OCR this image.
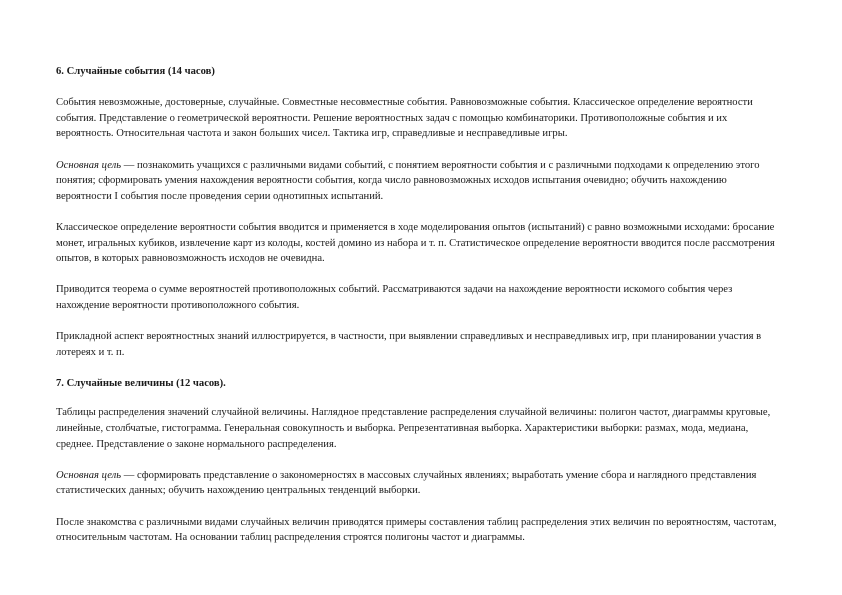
6. Случайные события (14 часов)
События невозможные, достоверные, случайные. Совместные несовместные события. Равновозможные события. Классическое определение вероятности события. Представление о геометрической вероятности. Решение вероятностных задач с помощью комбинаторики. Противоположные события и их вероятность. Относительная частота и закон больших чисел. Тактика игр, справедливые и несправедливые игры.
Основная цель — познакомить учащихся с различными видами событий, с понятием вероятности события и с различными подходами к определению этого понятия; сформировать умения нахождения вероятности события, когда число равновозможных исходов испытания очевидно; обучить нахождению вероятности I события после проведения серии однотипных испытаний.
Классическое определение вероятности события вводится и применяется в ходе моделирования опытов (испытаний) с равно возможными исходами: бросание монет, игральных кубиков, извлечение карт из колоды, костей домино из набора и т. п. Статистическое определение вероятности вводится после рассмотрения опытов, в которых равновозможность исходов не очевидна.
Приводится теорема о сумме вероятностей противоположных событий. Рассматриваются задачи на нахождение вероятности искомого события через нахождение вероятности противоположного события.
Прикладной аспект вероятностных знаний иллюстрируется, в частности, при выявлении справедливых и несправедливых игр, при планировании участия в лотереях и т. п.
7. Случайные величины (12 часов).
Таблицы распределения значений случайной величины. Наглядное представление распределения случайной величины: полигон частот, диаграммы круговые, линейные, столбчатые, гистограмма. Генеральная совокупность и выборка. Репрезентативная выборка. Характеристики выборки: размах, мода, медиана, среднее. Представление о законе нормального распределения.
Основная цель — сформировать представление о закономерностях в массовых случайных явлениях; выработать умение сбора и наглядного представления статистических данных; обучить нахождению центральных тенденций выборки.
После знакомства с различными видами случайных величин приводятся примеры составления таблиц распределения этих величин по вероятностям, частотам, относительным частотам. На основании таблиц распределения строятся полигоны частот и диаграммы.
